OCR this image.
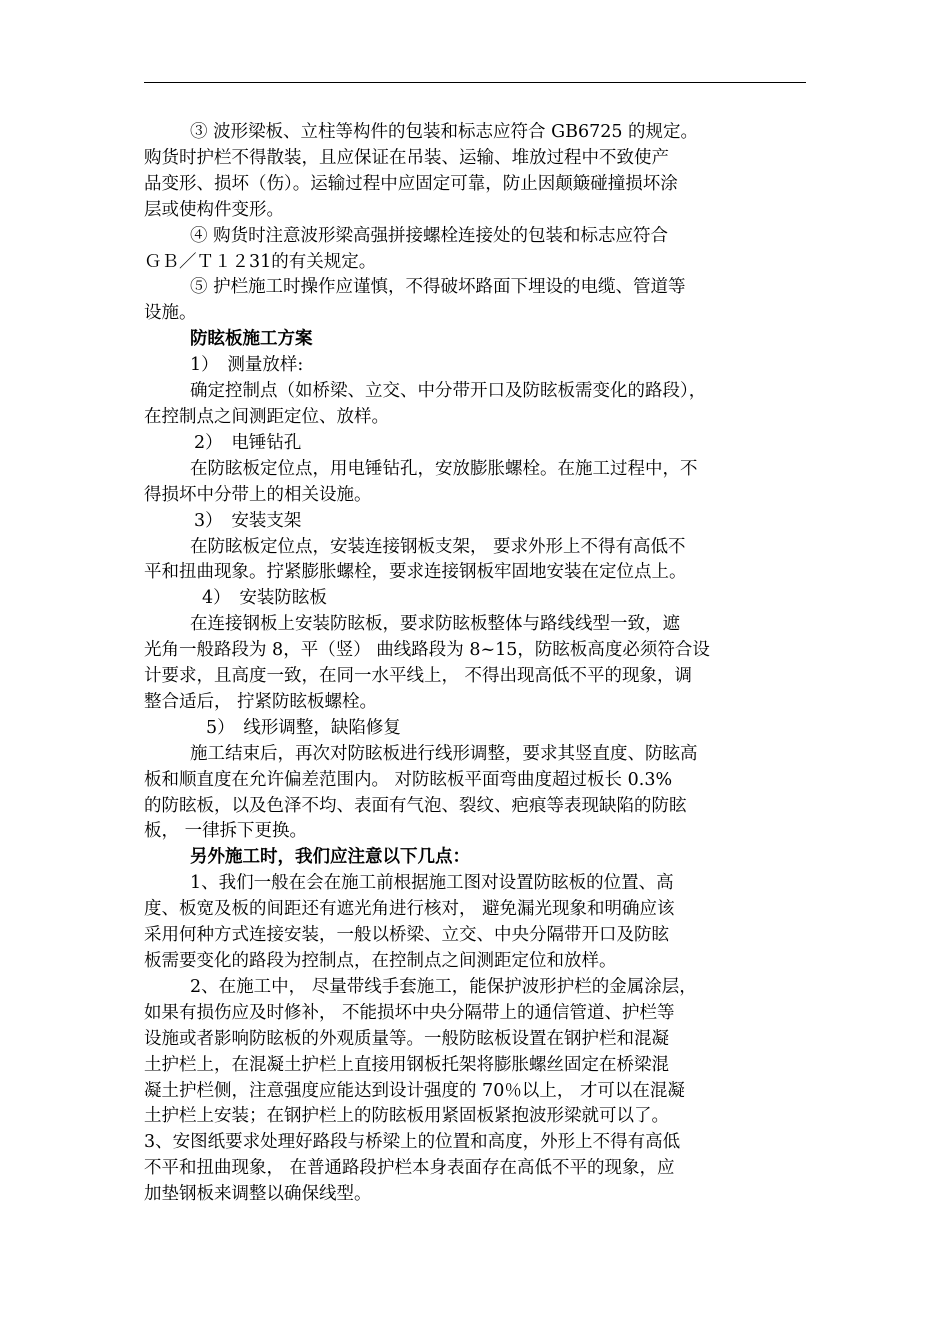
③ 波形梁板、立柱等构件的包装和标志应符合 GB6725 的规定。

购货时护栏不得散装，且应保证在吊装、运输、堆放过程中不致使产

品变形、损坏（伤）。运输过程中应固定可靠，防止因颠簸碰撞损坏涂

层或使构件变形。

④ 购货时注意波形梁高强拼接螺栓连接处的包装和标志应符合

ＧＢ／Ｔ１２31的有关规定。

⑤ 护栏施工时操作应谨慎，不得破坏路面下埋设的电缆、管道等

设施。

防眩板施工方案

1）　测量放样:

确定控制点（如桥梁、立交、中分带开口及防眩板需变化的路段），

在控制点之间测距定位、放样。

2）　电锤钻孔

在防眩板定位点，用电锤钻孔，安放膨胀螺栓。在施工过程中，不

得损坏中分带上的相关设施。

3）　安装支架

在防眩板定位点，安装连接钢板支架， 要求外形上不得有高低不

平和扭曲现象。拧紧膨胀螺栓，要求连接钢板牢固地安装在定位点上。

4）　安装防眩板

在连接钢板上安装防眩板，要求防眩板整体与路线线型一致，遮

光角一般路段为 8，平（竖） 曲线路段为 8~15，防眩板高度必须符合设

计要求，且高度一致，在同一水平线上， 不得出现高低不平的现象，调

整合适后， 拧紧防眩板螺栓。

5）　线形调整，缺陷修复

施工结束后，再次对防眩板进行线形调整，要求其竖直度、防眩高

板和顺直度在允许偏差范围内。 对防眩板平面弯曲度超过板长 0.3%

的防眩板，以及色泽不均、表面有气泡、裂纹、疤痕等表现缺陷的防眩

板， 一律拆下更换。

另外施工时，我们应注意以下几点：

1、我们一般在会在施工前根据施工图对设置防眩板的位置、高

度、板宽及板的间距还有遮光角进行核对， 避免漏光现象和明确应该

采用何种方式连接安装，一般以桥梁、立交、中央分隔带开口及防眩

板需要变化的路段为控制点，在控制点之间测距定位和放样。

2、在施工中， 尽量带线手套施工，能保护波形护栏的金属涂层，

如果有损伤应及时修补， 不能损坏中央分隔带上的通信管道、护栏等

设施或者影响防眩板的外观质量等。一般防眩板设置在钢护栏和混凝

土护栏上，在混凝土护栏上直接用钢板托架将膨胀螺丝固定在桥梁混

凝土护栏侧，注意强度应能达到设计强度的 70％以上， 才可以在混凝

土护栏上安装；在钢护栏上的防眩板用紧固板紧抱波形梁就可以了。

3、安图纸要求处理好路段与桥梁上的位置和高度，外形上不得有高低

不平和扭曲现象， 在普通路段护栏本身表面存在高低不平的现象，应

加垫钢板来调整以确保线型。
